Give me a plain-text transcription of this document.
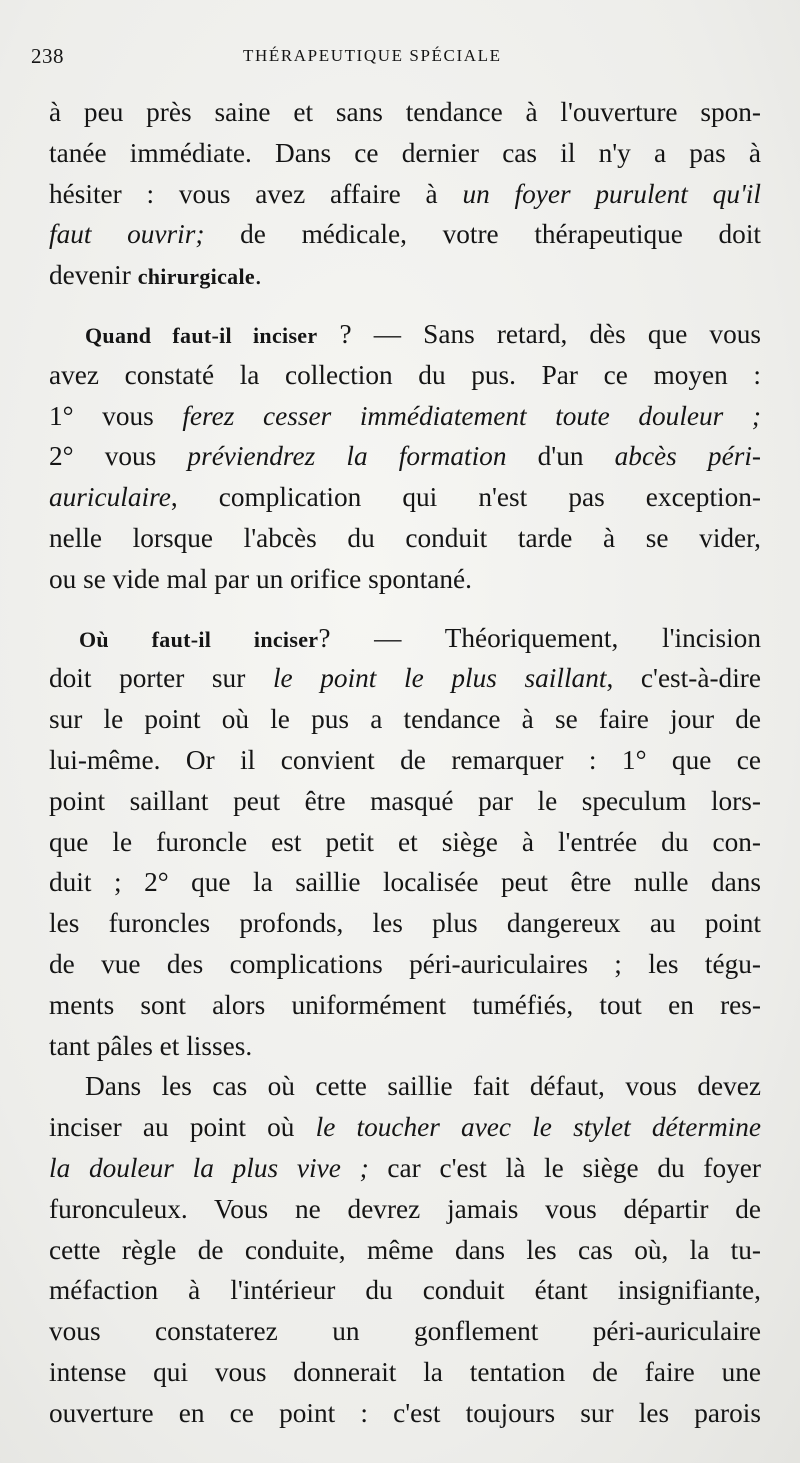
238	THÉRAPEUTIQUE SPÉCIALE
à peu près saine et sans tendance à l'ouverture spon-
tanée immédiate. Dans ce dernier cas il n'y a pas à
hésiter : vous avez affaire à un foyer purulent qu'il
faut ouvrir; de médicale, votre thérapeutique doit
devenir chirurgicale.
Quand faut-il inciser ? — Sans retard, dès que vous
avez constaté la collection du pus. Par ce moyen :
1° vous ferez cesser immédiatement toute douleur ;
2° vous préviendrez la formation d'un abcès péri-
auriculaire, complication qui n'est pas exception-
nelle lorsque l'abcès du conduit tarde à se vider,
ou se vide mal par un orifice spontané.
Où faut-il inciser? — Théoriquement, l'incision
doit porter sur le point le plus saillant, c'est-à-dire
sur le point où le pus a tendance à se faire jour de
lui-même. Or il convient de remarquer : 1° que ce
point saillant peut être masqué par le speculum lors-
que le furoncle est petit et siège à l'entrée du con-
duit ; 2° que la saillie localisée peut être nulle dans
les furoncles profonds, les plus dangereux au point
de vue des complications péri-auriculaires ; les tégu-
ments sont alors uniformément tuméfiés, tout en res-
tant pâles et lisses.
Dans les cas où cette saillie fait défaut, vous devez
inciser au point où le toucher avec le stylet détermine
la douleur la plus vive ; car c'est là le siège du foyer
furonculeux. Vous ne devrez jamais vous départir de
cette règle de conduite, même dans les cas où, la tu-
méfaction à l'intérieur du conduit étant insignifiante,
vous constaterez un gonflement péri-auriculaire
intense qui vous donnerait la tentation de faire une
ouverture en ce point : c'est toujours sur les parois
